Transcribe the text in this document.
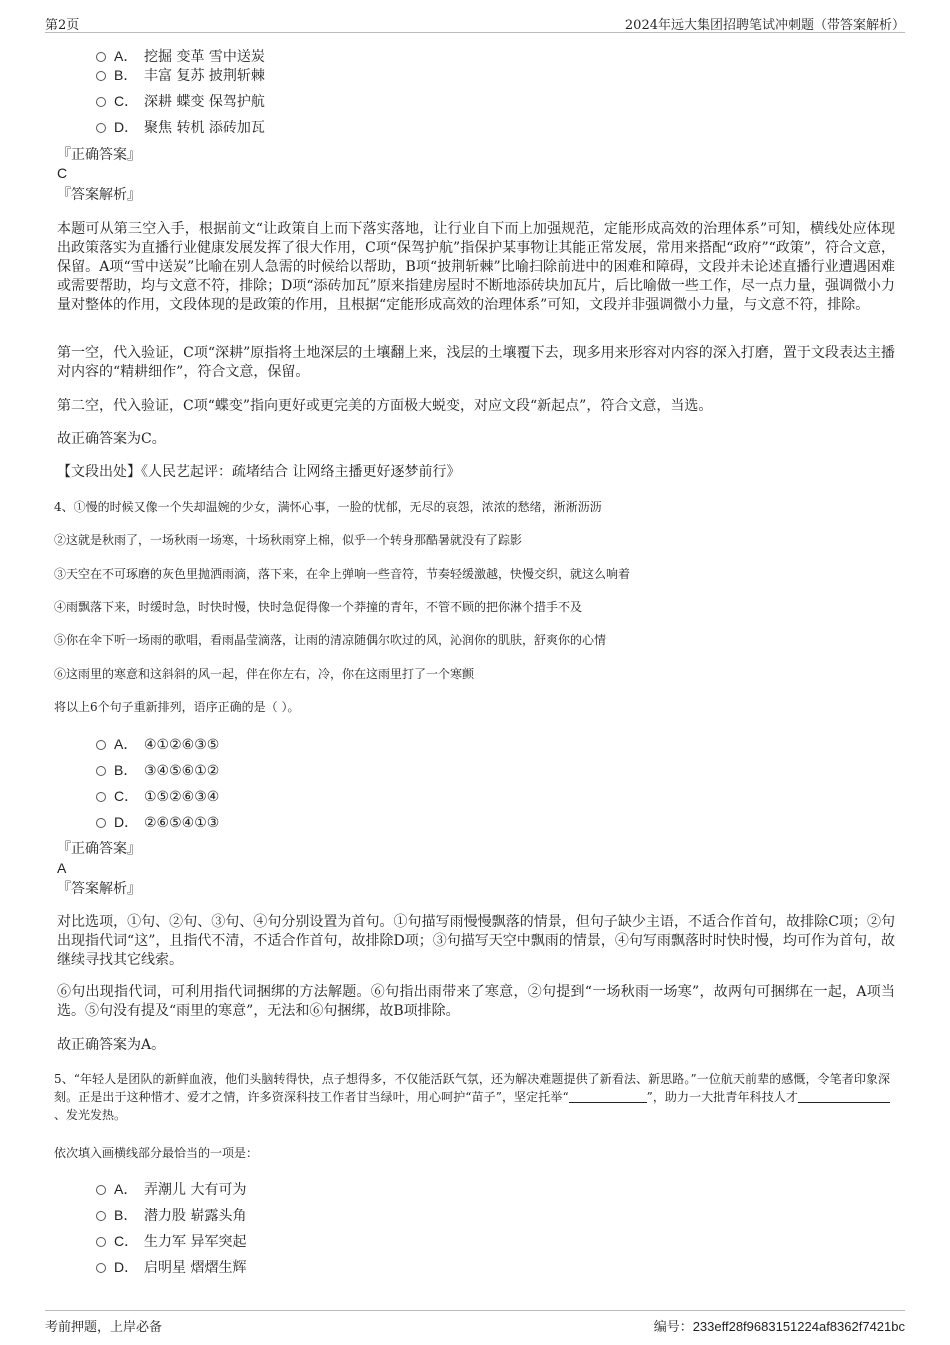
第2页	2024年远大集团招聘笔试冲刺题（带答案解析）
A． 挖掘 变革 雪中送炭
B． 丰富 复苏 披荆斩棘
C． 深耕 蝶变 保驾护航
D． 聚焦 转机 添砖加瓦
『正确答案』
C
『答案解析』
本题可从第三空入手，根据前文“让政策自上而下落实落地，让行业自下而上加强规范，定能形成高效的治理体系”可知，横线处应体现出政策落实为直播行业健康发展发挥了很大作用，C项“保驾护航”指保护某事物让其能正常发展，常用来搭配“政府”“政策”，符合文意，保留。A项“雪中送炭”比喻在别人急需的时候给以帮助，B项“披荆斩棘”比喻扫除前进中的困难和障碍，文段并未论述直播行业遭遇困难或需要帮助，均与文意不符，排除；D项“添砖加瓦”原来指建房屋时不断地添砖块加瓦片，后比喻做一些工作，尽一点力量，强调微小力量对整体的作用，文段体现的是政策的作用，且根据“定能形成高效的治理体系”可知，文段并非强调微小力量，与文意不符，排除。
第一空，代入验证，C项“深耕”原指将土地深层的土壤翻上来，浅层的土壤覆下去，现多用来形容对内容的深入打磨，置于文段表达主播对内容的“精耕细作”，符合文意，保留。
第二空，代入验证，C项“蝶变”指向更好或更完美的方面极大蜕变，对应文段“新起点”，符合文意，当选。
故正确答案为C。
【文段出处】《人民艺起评：疏堵结合 让网络主播更好逐梦前行》
4、①慢的时候又像一个失却温婉的少女，满怀心事，一脸的忧郁，无尽的哀怨，浓浓的愁绪，淅淅沥沥
②这就是秋雨了，一场秋雨一场寒，十场秋雨穿上棉，似乎一个转身那酷暑就没有了踪影
③天空在不可琢磨的灰色里抛洒雨滴，落下来，在伞上弹响一些音符，节奏轻缓激越，快慢交织，就这么响着
④雨飘落下来，时缓时急，时快时慢，快时急促得像一个莽撞的青年，不管不顾的把你淋个措手不及
⑤你在伞下听一场雨的歌唱，看雨晶莹滴落，让雨的清凉随偶尔吹过的风，沁润你的肌肤，舒爽你的心情
⑥这雨里的寒意和这斜斜的风一起，伴在你左右，冷，你在这雨里打了一个寒颤
将以上6个句子重新排列，语序正确的是（ ）。
A． ④①②⑥③⑤
B． ③④⑤⑥①②
C． ①⑤②⑥③④
D． ②⑥⑤④①③
『正确答案』
A
『答案解析』
对比选项，①句、②句、③句、④句分别设置为首句。①句描写雨慢慢飘落的情景，但句子缺少主语，不适合作首句，故排除C项；②句出现指代词“这”，且指代不清，不适合作首句，故排除D项；③句描写天空中飘雨的情景，④句写雨飘落时时快时慢，均可作为首句，故继续寻找其它线索。
⑥句出现指代词，可利用指代词捆绑的方法解题。⑥句指出雨带来了寒意，②句提到“一场秋雨一场寒”，故两句可捆绑在一起，A项当选。⑤句没有提及“雨里的寒意”，无法和⑥句捆绑，故B项排除。
故正确答案为A。
5、“年轻人是团队的新鲜血液，他们头脑转得快，点子想得多，不仅能活跃气氛，还为解决难题提供了新看法、新思路。”一位航天前辈的感慨，令笔者印象深刻。正是出于这种惜才、爱才之情，许多资深科技工作者甘当绿叶，用心呵护“苗子”，坚定托举“	”，助力一大批青年科技人才、发光发热。
依次填入画横线部分最恰当的一项是：
A． 弄潮儿 大有可为
B． 潜力股 崭露头角
C． 生力军 异军突起
D． 启明星 熠熠生辉
考前押题，上岸必备	编号：233eff28f9683151224af8362f7421bc
